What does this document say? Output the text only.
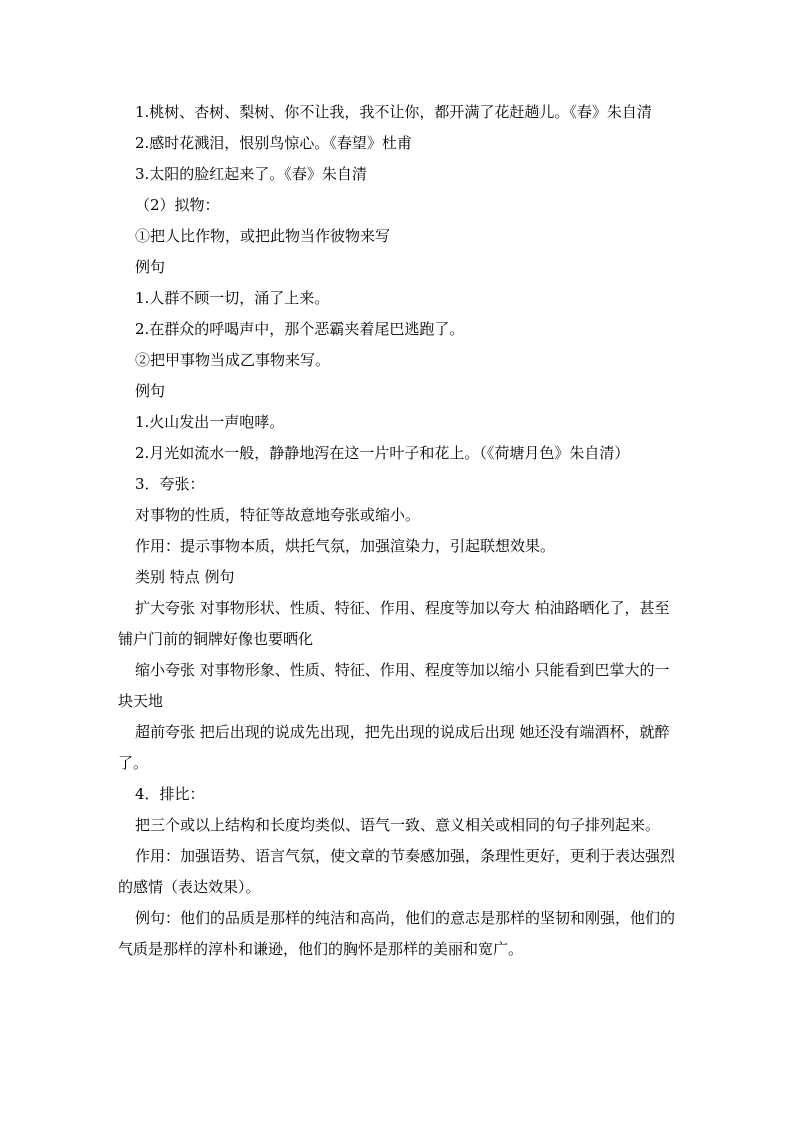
1.桃树、杏树、梨树、你不让我，我不让你，都开满了花赶趟儿。《春》朱自清

2.感时花溅泪，恨别鸟惊心。《春望》杜甫

3.太阳的脸红起来了。《春》朱自清

（2）拟物：

①把人比作物，或把此物当作彼物来写

例句

1.人群不顾一切，涌了上来。

2.在群众的呼喝声中，那个恶霸夹着尾巴逃跑了。

②把甲事物当成乙事物来写。

例句

1.火山发出一声咆哮。

2.月光如流水一般，静静地泻在这一片叶子和花上。（《荷塘月色》朱自清）

3．夸张：

对事物的性质，特征等故意地夸张或缩小。

作用：提示事物本质，烘托气氛，加强渲染力，引起联想效果。

类别 特点 例句

扩大夸张 对事物形状、性质、特征、作用、程度等加以夸大 柏油路晒化了，甚至铺户门前的铜牌好像也要晒化

缩小夸张 对事物形象、性质、特征、作用、程度等加以缩小 只能看到巴掌大的一块天地

超前夸张 把后出现的说成先出现，把先出现的说成后出现 她还没有端酒杯，就醉了。

4．排比：

把三个或以上结构和长度均类似、语气一致、意义相关或相同的句子排列起来。

作用：加强语势、语言气氛，使文章的节奏感加强，条理性更好，更利于表达强烈的感情（表达效果）。

例句：他们的品质是那样的纯洁和高尚，他们的意志是那样的坚韧和刚强，他们的气质是那样的淳朴和谦逊，他们的胸怀是那样的美丽和宽广。
